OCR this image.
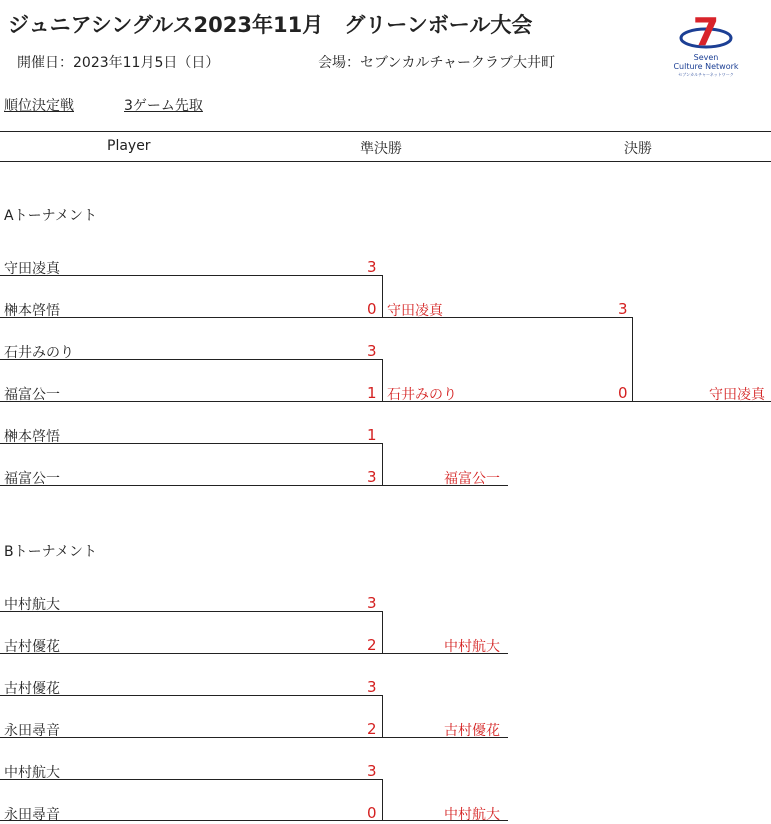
ジュニアシングルス2023年11月　グリーンボール大会
開催日：2023年11月5日（日）	会場：セブンカルチャークラブ大井町
7
Seven
Culture Network
セブンカルチャーネットワーク
順位決定戦	3ゲーム先取
Player	準決勝	決勝
Aトーナメント
守田凌真	3
榊本啓悟	0 守田凌真	3
石井みのり	3
福富公一	1 石井みのり	0	守田凌真
榊本啓悟	1
福富公一	3	福富公一
Bトーナメント
中村航大	3
古村優花	2	中村航大
古村優花	3
永田尋音	2	古村優花
中村航大	3
永田尋音	0	中村航大
